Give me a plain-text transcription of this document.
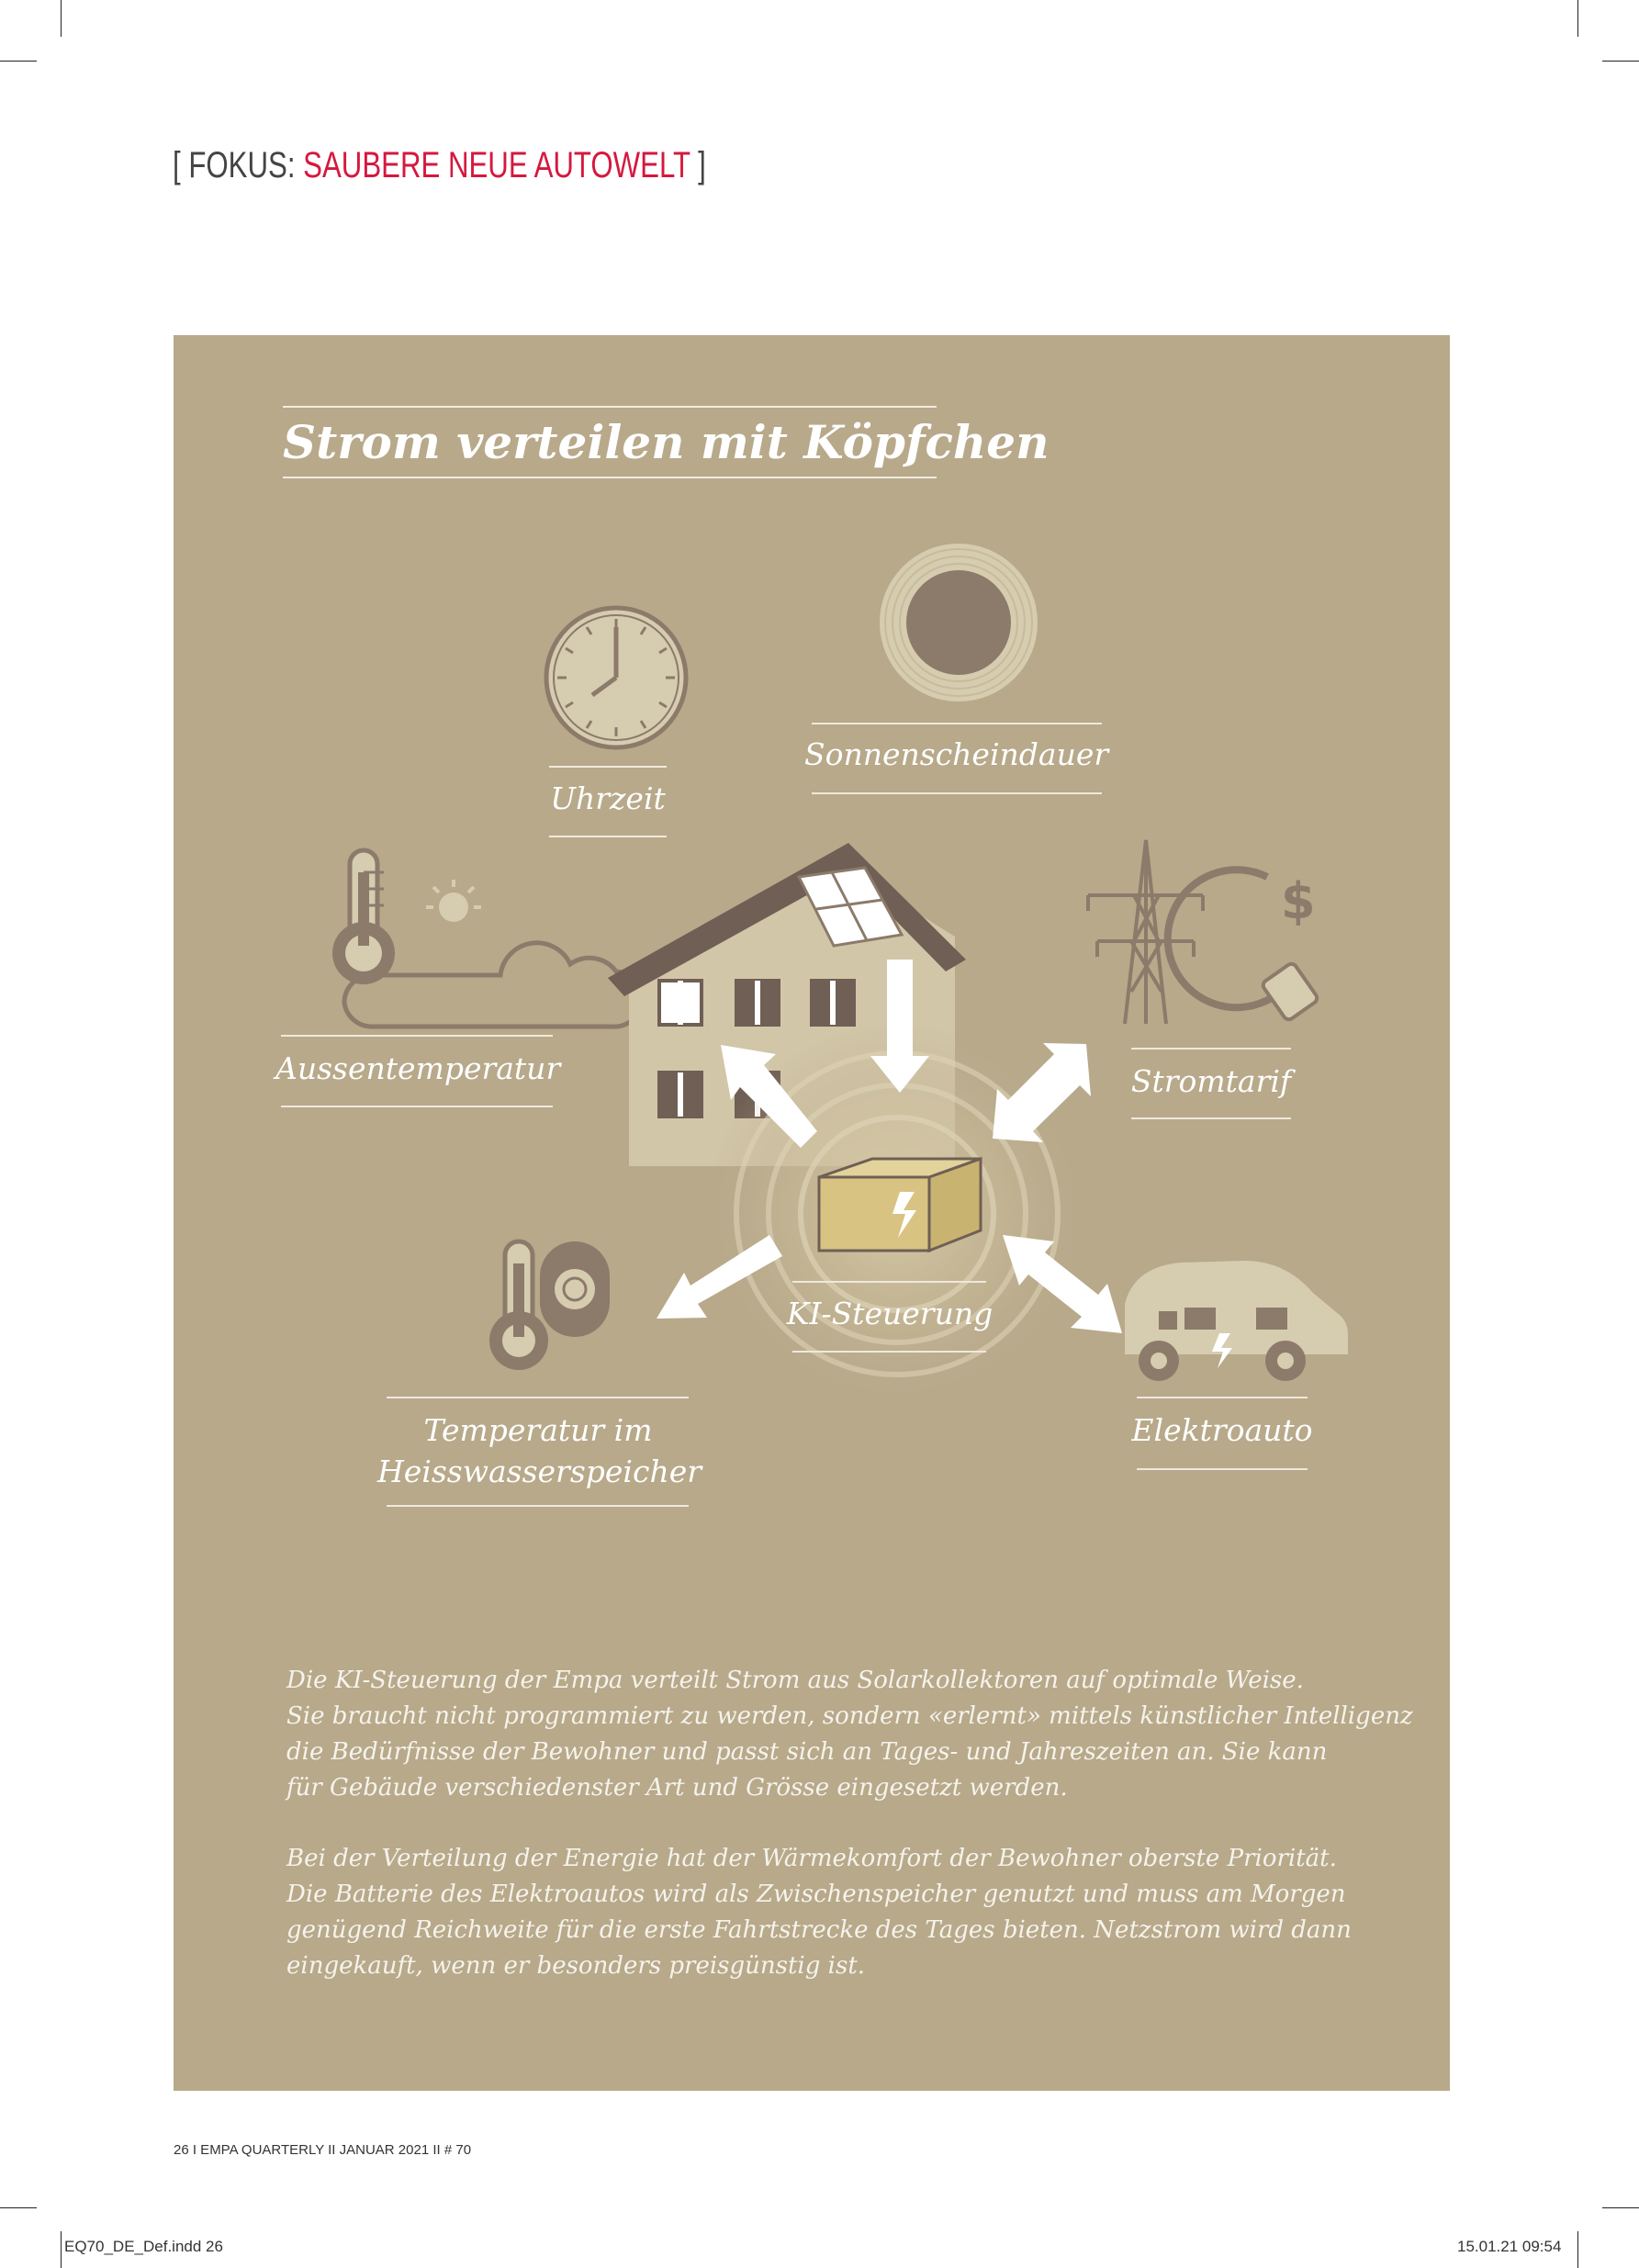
[ FOKUS: SAUBERE NEUE AUTOWELT ]
$
Strom verteilen mit Köpfchen
Uhrzeit
Sonnenscheindauer
Aussentemperatur	Stromtarif
KI-Steuerung
Temperatur im
Heisswasserspeicher
Elektroauto
Die KI-Steuerung der Empa verteilt Strom aus Solarkollektoren auf optimale Weise.
Sie braucht nicht programmiert zu werden, sondern «erlernt» mittels künstlicher Intelligenz
die Bedürfnisse der Bewohner und passt sich an Tages- und Jahreszeiten an. Sie kann
für Gebäude verschiedenster Art und Grösse eingesetzt werden.
Bei der Verteilung der Energie hat der Wärmekomfort der Bewohner oberste Priorität.
Die Batterie des Elektroautos wird als Zwischenspeicher genutzt und muss am Morgen
genügend Reichweite für die erste Fahrtstrecke des Tages bieten. Netzstrom wird dann
eingekauft, wenn er besonders preisgünstig ist.
26 I EMPA QUARTERLY II JANUAR 2021 II # 70
EQ70_DE_Def.indd 26	15.01.21 09:54
